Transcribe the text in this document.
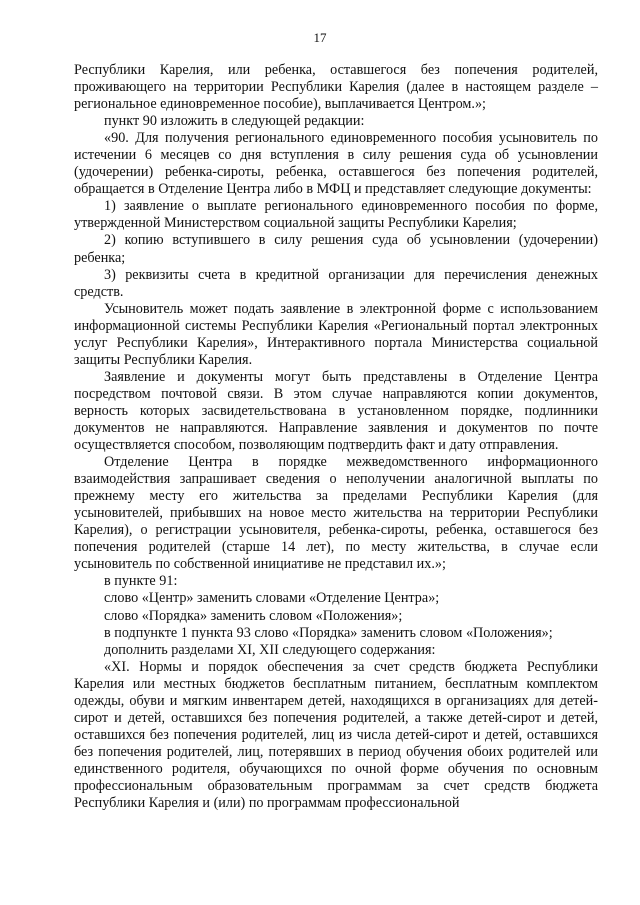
17

Республики Карелия, или ребенка, оставшегося без попечения родителей, проживающего на территории Республики Карелия (далее в настоящем разделе – региональное единовременное пособие), выплачивается Центром.»;

пункт 90 изложить в следующей редакции:

«90. Для получения регионального единовременного пособия усыновитель по истечении 6 месяцев со дня вступления в силу решения суда об усыновлении (удочерении) ребенка-сироты, ребенка, оставшегося без попечения родителей, обращается в Отделение Центра либо в МФЦ и представляет следующие документы:

1) заявление о выплате регионального единовременного пособия по форме, утвержденной Министерством социальной защиты Республики Карелия;

2) копию вступившего в силу решения суда об усыновлении (удочерении) ребенка;

3) реквизиты счета в кредитной организации для перечисления денежных средств.

Усыновитель может подать заявление в электронной форме с использованием информационной системы Республики Карелия «Региональный портал электронных услуг Республики Карелия», Интерактивного портала Министерства социальной защиты Республики Карелия.

Заявление и документы могут быть представлены в Отделение Центра посредством почтовой связи. В этом случае направляются копии документов, верность которых засвидетельствована в установленном порядке, подлинники документов не направляются. Направление заявления и документов по почте осуществляется способом, позволяющим подтвердить факт и дату отправления.

Отделение Центра в порядке межведомственного информационного взаимодействия запрашивает сведения о неполучении аналогичной выплаты по прежнему месту его жительства за пределами Республики Карелия (для усыновителей, прибывших на новое место жительства на территории Республики Карелия), о регистрации усыновителя, ребенка-сироты, ребенка, оставшегося без попечения родителей (старше 14 лет), по месту жительства, в случае если усыновитель по собственной инициативе не представил их.»;

в пункте 91:

слово «Центр» заменить словами «Отделение Центра»;

слово «Порядка» заменить словом «Положения»;

в подпункте 1 пункта 93 слово «Порядка» заменить словом «Положения»;

дополнить разделами XI, XII следующего содержания:

«XI. Нормы и порядок обеспечения за счет средств бюджета Республики Карелия или местных бюджетов бесплатным питанием, бесплатным комплектом одежды, обуви и мягким инвентарем детей, находящихся в организациях для детей-сирот и детей, оставшихся без попечения родителей, а также детей-сирот и детей, оставшихся без попечения родителей, лиц из числа детей-сирот и детей, оставшихся без попечения родителей, лиц, потерявших в период обучения обоих родителей или единственного родителя, обучающихся по очной форме обучения по основным профессиональным образовательным программам за счет средств бюджета Республики Карелия и (или) по программам профессиональной
